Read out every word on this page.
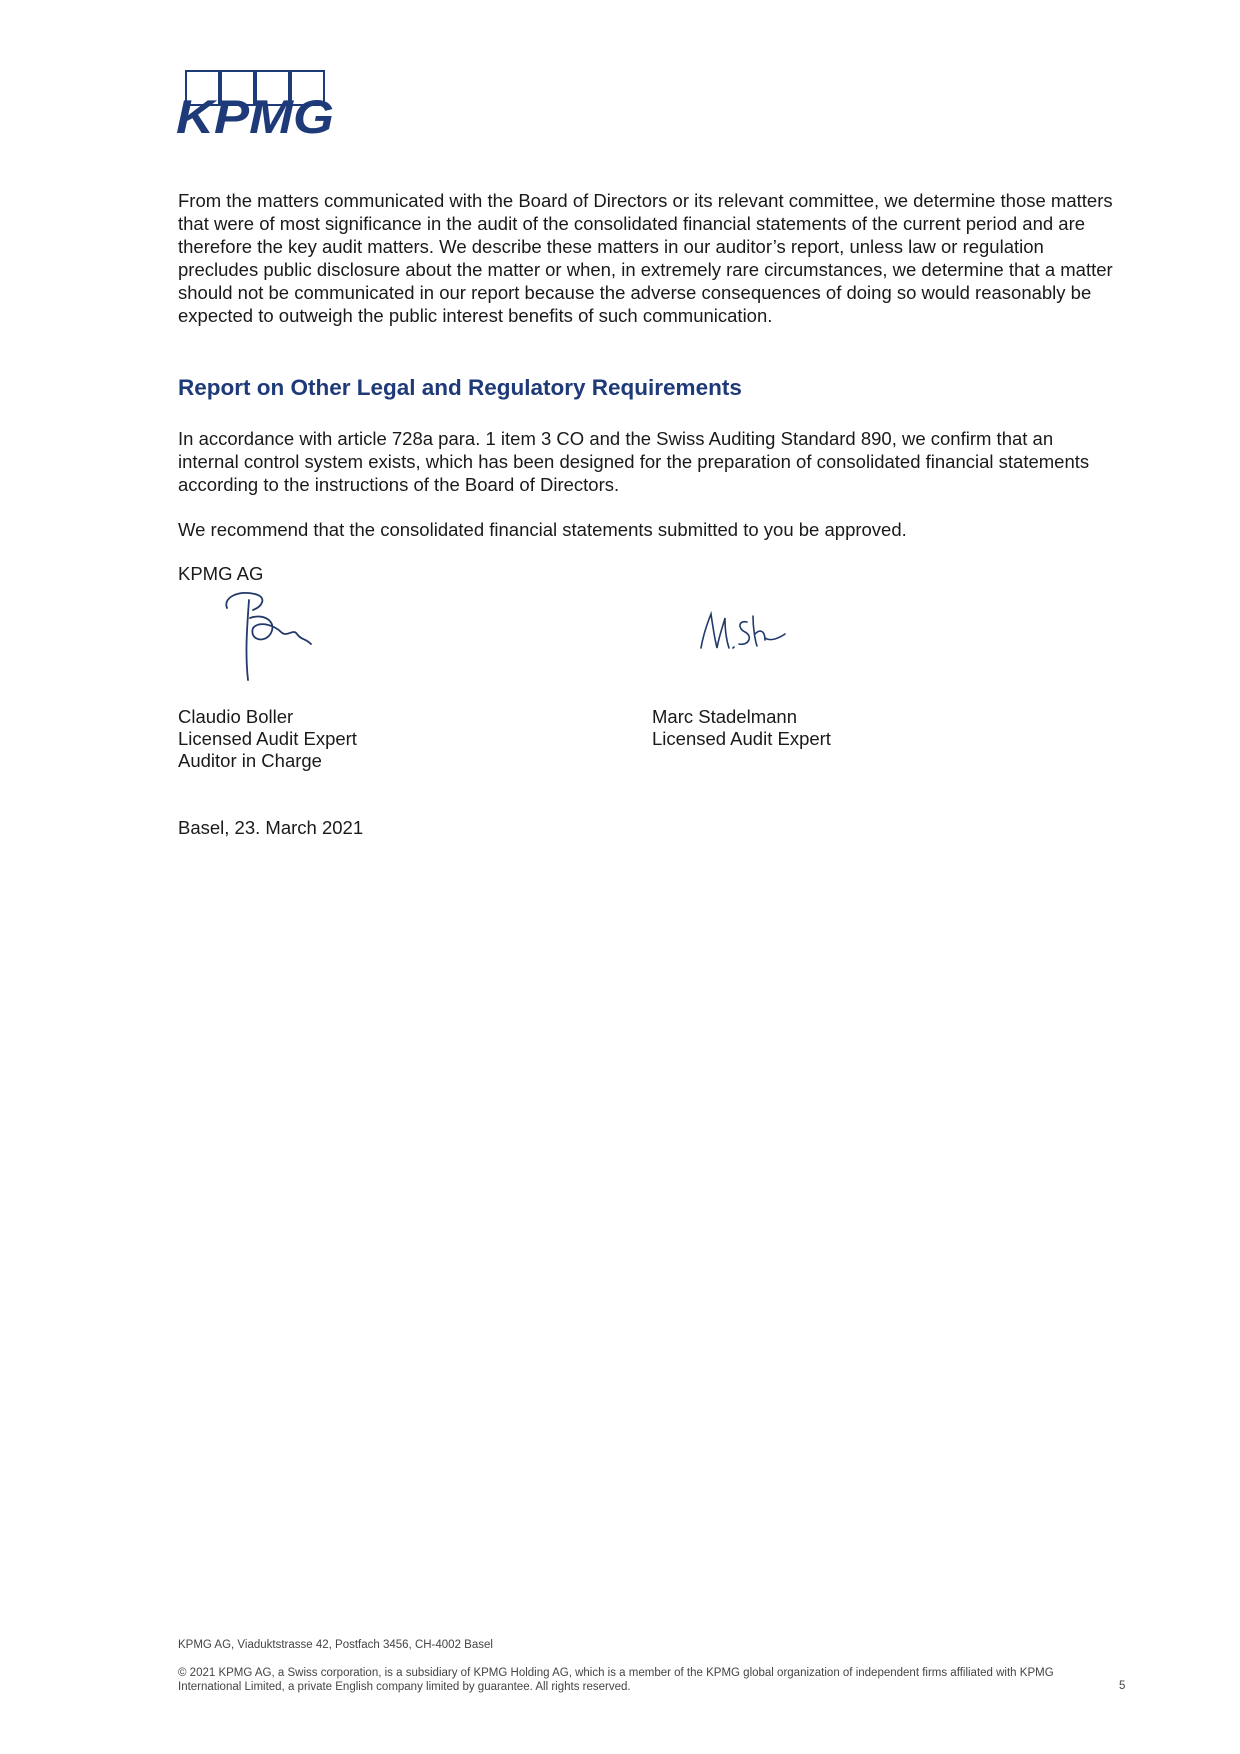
KPMG

From the matters communicated with the Board of Directors or its relevant committee, we determine those matters that were of most significance in the audit of the consolidated financial statements of the current period and are therefore the key audit matters. We describe these matters in our auditor’s report, unless law or regulation precludes public disclosure about the matter or when, in extremely rare circumstances, we determine that a matter should not be communicated in our report because the adverse consequences of doing so would reasonably be expected to outweigh the public interest benefits of such communication.

Report on Other Legal and Regulatory Requirements

In accordance with article 728a para. 1 item 3 CO and the Swiss Auditing Standard 890, we confirm that an internal control system exists, which has been designed for the preparation of consolidated financial statements according to the instructions of the Board of Directors.

We recommend that the consolidated financial statements submitted to you be approved.

KPMG AG

Claudio Boller
Licensed Audit Expert
Auditor in Charge
Marc Stadelmann
Licensed Audit Expert

Basel, 23. March 2021

KPMG AG, Viaduktstrasse 42, Postfach 3456, CH-4002 Basel

© 2021 KPMG AG, a Swiss corporation, is a subsidiary of KPMG Holding AG, which is a member of the KPMG global organization of independent firms affiliated with KPMG International Limited, a private English company limited by guarantee. All rights reserved.	5
